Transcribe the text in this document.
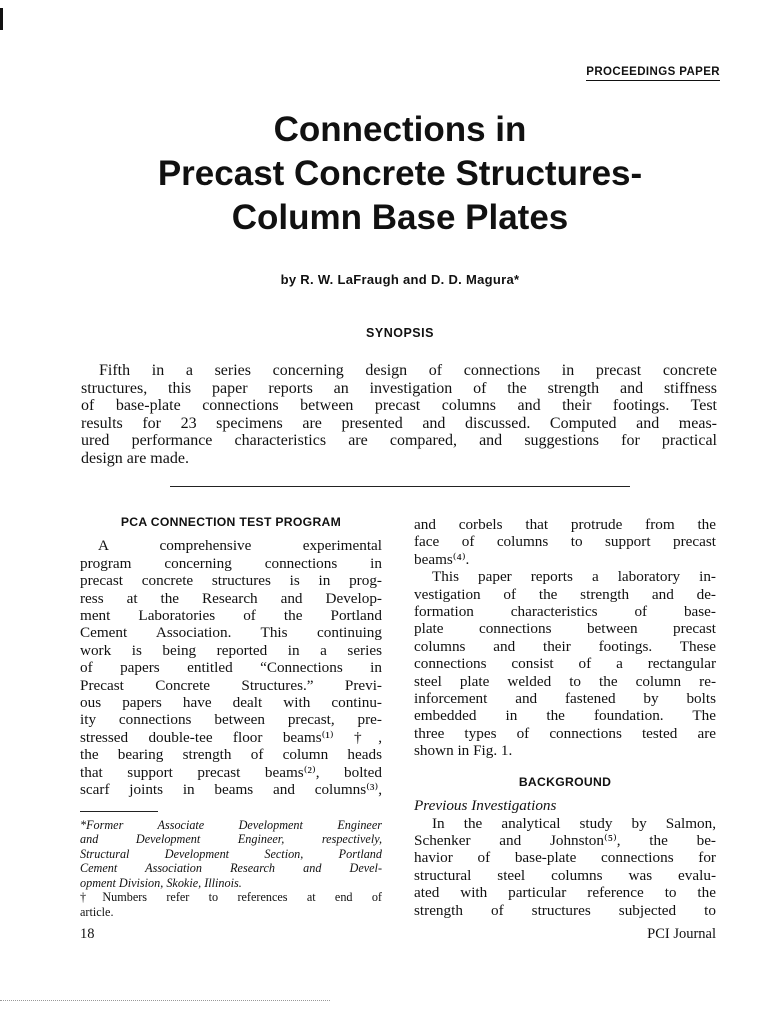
PROCEEDINGS PAPER
Connections in
Precast Concrete Structures-
Column Base Plates
by R. W. LaFraugh and D. D. Magura*
SYNOPSIS
Fifth in a series concerning design of connections in precast concrete
structures, this paper reports an investigation of the strength and stiffness
of base-plate connections between precast columns and their footings. Test
results for 23 specimens are presented and discussed. Computed and meas-
ured performance characteristics are compared, and suggestions for practical
design are made.
PCA CONNECTION TEST PROGRAM
A comprehensive experimental
program concerning connections in
precast concrete structures is in prog-
ress at the Research and Develop-
ment Laboratories of the Portland
Cement Association. This continuing
work is being reported in a series
of papers entitled “Connections in
Precast Concrete Structures.” Previ-
ous papers have dealt with continu-
ity connections between precast, pre-
stressed double-tee floor beams⁽¹⁾ †,
the bearing strength of column heads
that support precast beams⁽²⁾, bolted
scarf joints in beams and columns⁽³⁾,
*Former Associate Development Engineer
and Development Engineer, respectively,
Structural Development Section, Portland
Cement Association Research and Devel-
opment Division, Skokie, Illinois.
†Numbers refer to references at end of
article.
and corbels that protrude from the
face of columns to support precast
beams⁽⁴⁾.
This paper reports a laboratory in-
vestigation of the strength and de-
formation characteristics of base-
plate connections between precast
columns and their footings. These
connections consist of a rectangular
steel plate welded to the column re-
inforcement and fastened by bolts
embedded in the foundation. The
three types of connections tested are
shown in Fig. 1.
BACKGROUND
Previous Investigations
In the analytical study by Salmon,
Schenker and Johnston⁽⁵⁾, the be-
havior of base-plate connections for
structural steel columns was evalu-
ated with particular reference to the
strength of structures subjected to
18	PCI Journal
